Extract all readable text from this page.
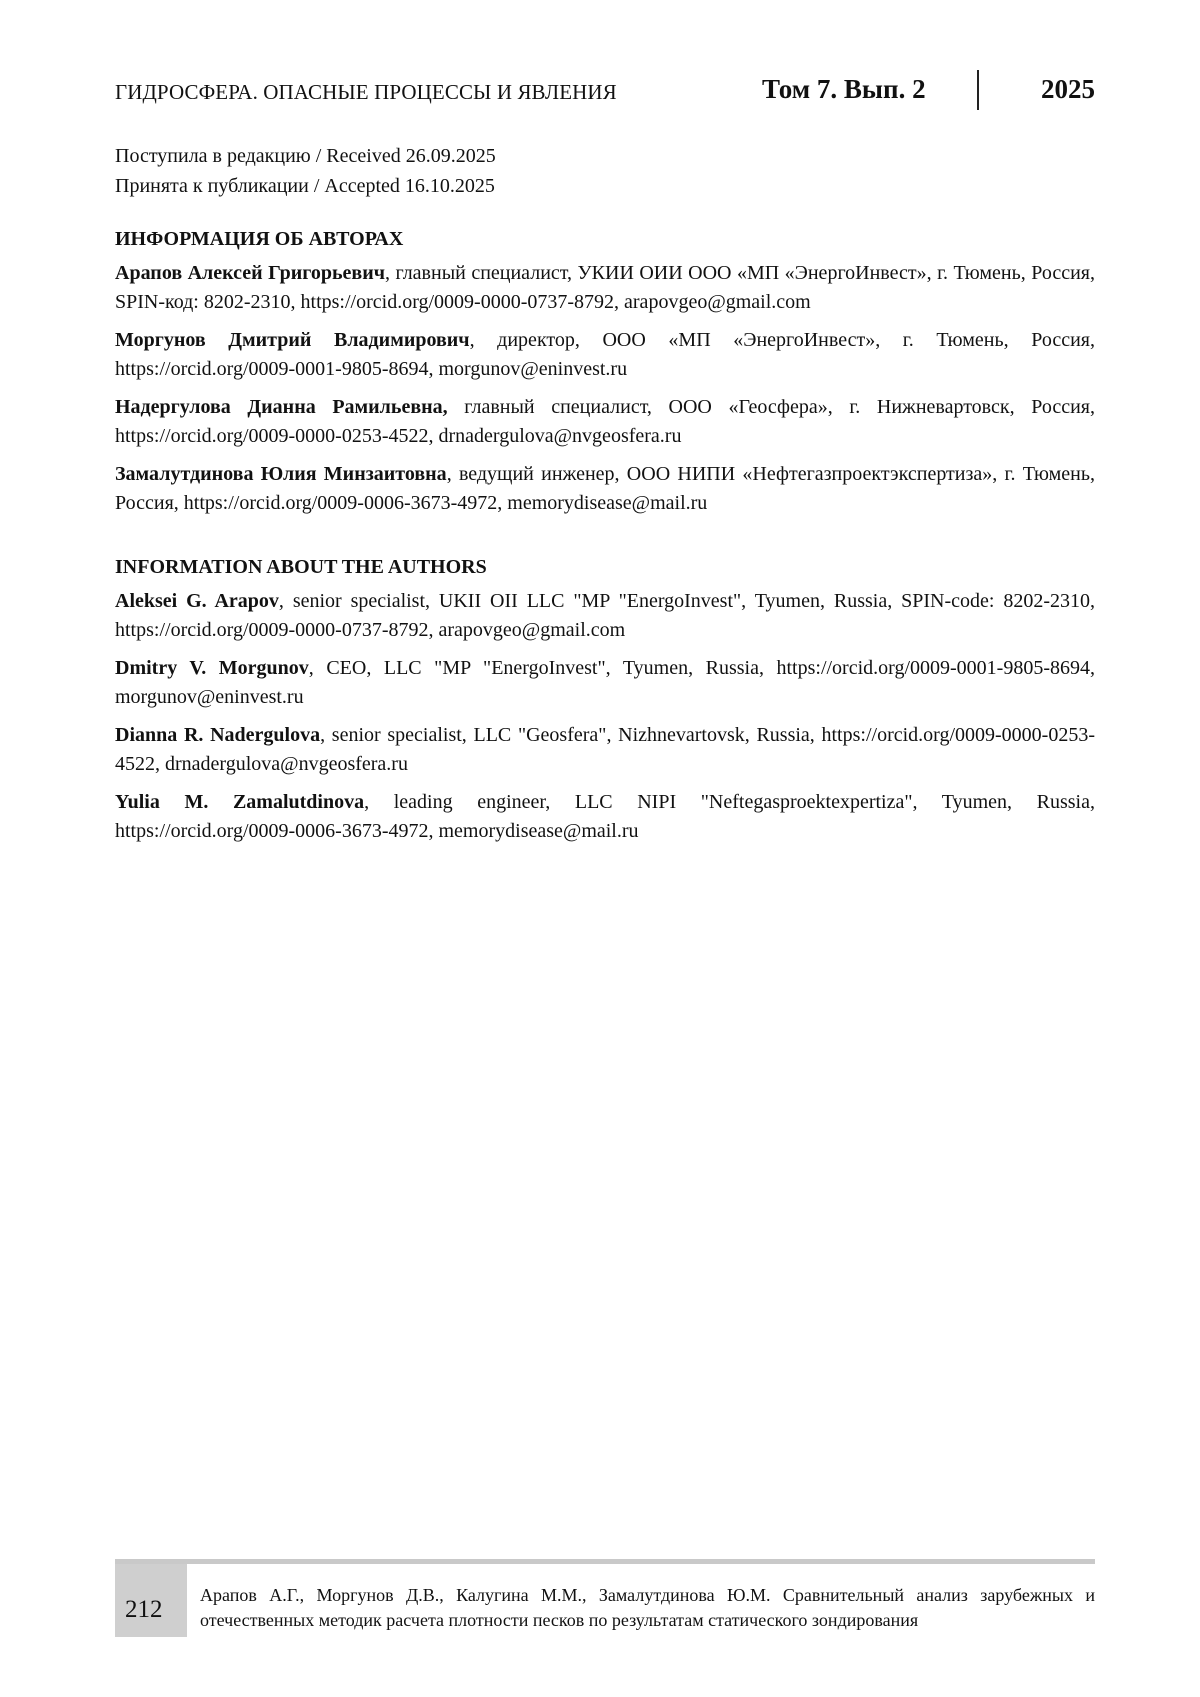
ГИДРОСФЕРА. ОПАСНЫЕ ПРОЦЕССЫ И ЯВЛЕНИЯ	Том 7. Вып. 2	2025
Поступила в редакцию / Received 26.09.2025
Принята к публикации / Accepted 16.10.2025
ИНФОРМАЦИЯ ОБ АВТОРАХ

Арапов Алексей Григорьевич, главный специалист, УКИИ ОИИ ООО «МП «ЭнергоИнвест», г. Тюмень, Россия, SPIN-код: 8202-2310, https://orcid.org/0009-0000-0737-8792, arapovgeo@gmail.com

Моргунов Дмитрий Владимирович, директор, ООО «МП «ЭнергоИнвест», г. Тюмень, Россия, https://orcid.org/0009-0001-9805-8694, morgunov@eninvest.ru

Надергулова Дианна Рамильевна, главный специалист, ООО «Геосфера», г. Нижневартовск, Россия, https://orcid.org/0009-0000-0253-4522, drnadergulova@nvgeosfera.ru

Замалутдинова Юлия Минзаитовна, ведущий инженер, ООО НИПИ «Нефтегазпроектэкспертиза», г. Тюмень, Россия, https://orcid.org/0009-0006-3673-4972, memorydisease@mail.ru

INFORMATION ABOUT THE AUTHORS

Aleksei G. Arapov, senior specialist, UKII OII LLC "MP "EnergoInvest", Tyumen, Russia, SPIN-code: 8202-2310, https://orcid.org/0009-0000-0737-8792, arapovgeo@gmail.com

Dmitry V. Morgunov, CEO, LLC "MP "EnergoInvest", Tyumen, Russia, https://orcid.org/0009-0001-9805-8694, morgunov@eninvest.ru

Dianna R. Nadergulova, senior specialist, LLC "Geosfera", Nizhnevartovsk, Russia, https://orcid.org/0009-0000-0253-4522, drnadergulova@nvgeosfera.ru

Yulia M. Zamalutdinova, leading engineer, LLC NIPI "Neftegasproektexpertiza", Tyumen, Russia, https://orcid.org/0009-0006-3673-4972, memorydisease@mail.ru

212
Арапов А.Г., Моргунов Д.В., Калугина М.М., Замалутдинова Ю.М. Сравнительный анализ зарубежных и отечественных методик расчета плотности песков по результатам статического зондирования
